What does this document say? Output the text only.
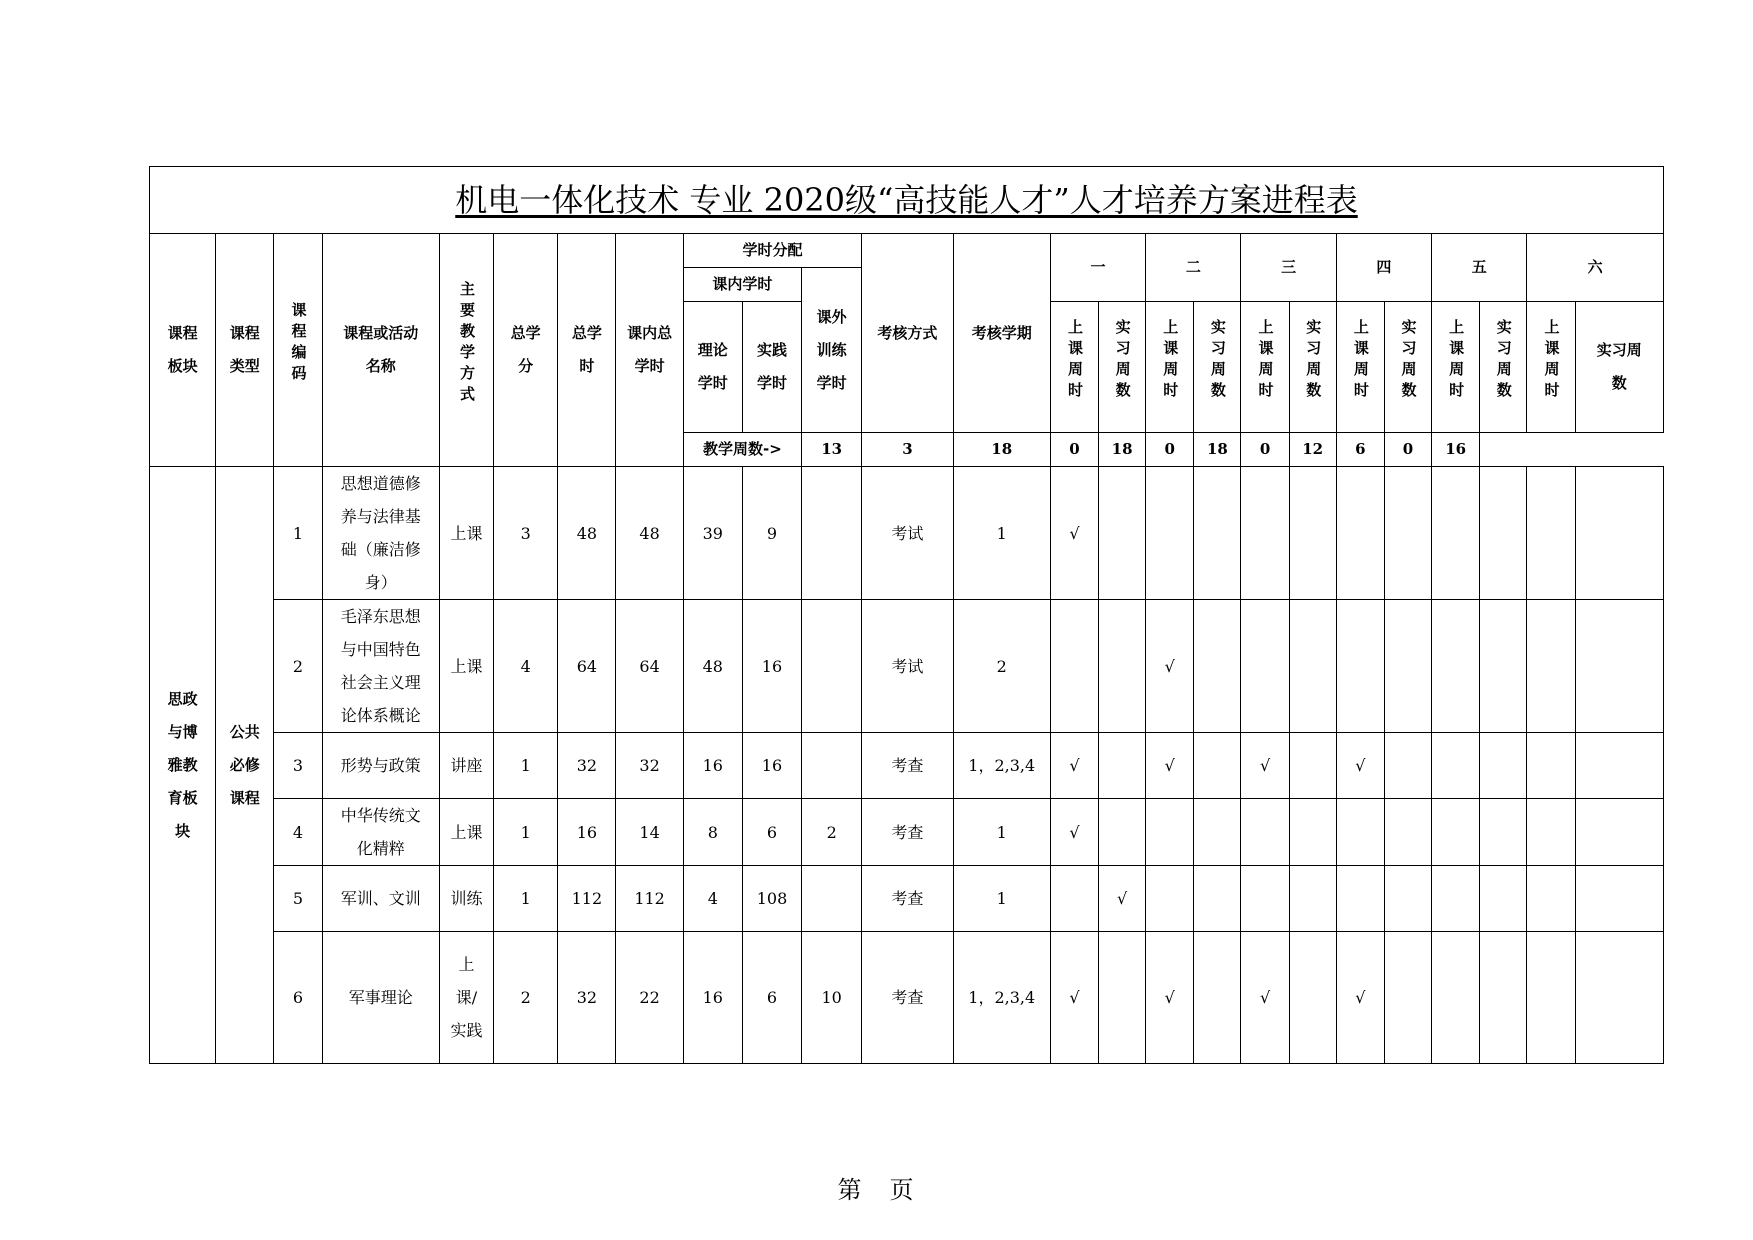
机电一体化技术 专业 2020级“高技能人才”人才培养方案进程表																								

课程板块	课程类型	课程编码	课程或活动名称	主要教学方式	总学分	总学时	课内总学时	学时分配			考核方式	考核学期	一		二		三		四		五		六	
								课内学时		课外训练学时														

								理论学时	实践学时				上课周时	实习周数	上课周时	实习周数	上课周时	实习周数	上课周时	实习周数	上课周时	实习周数	上课周时	实习周数

								教学周数->		13	3	18	0	18	0	18	0	12	6	0	16			

思政与博雅教育板块	公共必修课程	1	思想道德修养与法律基础（廉洁修身）	上课	3	48	48	39	9		考试	1	√											
		2	毛泽东思想与中国特色社会主义理论体系概论	上课	4	64	64	48	16		考试	2			√									
		3	形势与政策	讲座	1	32	32	16	16		考查	1，2,3,4	√		√		√		√					
		4	中华传统文化精粹	上课	1	16	14	8	6	2	考查	1	√											
		5	军训、文训	训练	1	112	112	4	108		考查	1		√										
		6	军事理论	上课/实践	2	32	22	16	6	10	考查	1，2,3,4	√		√		√		√					
第　页
